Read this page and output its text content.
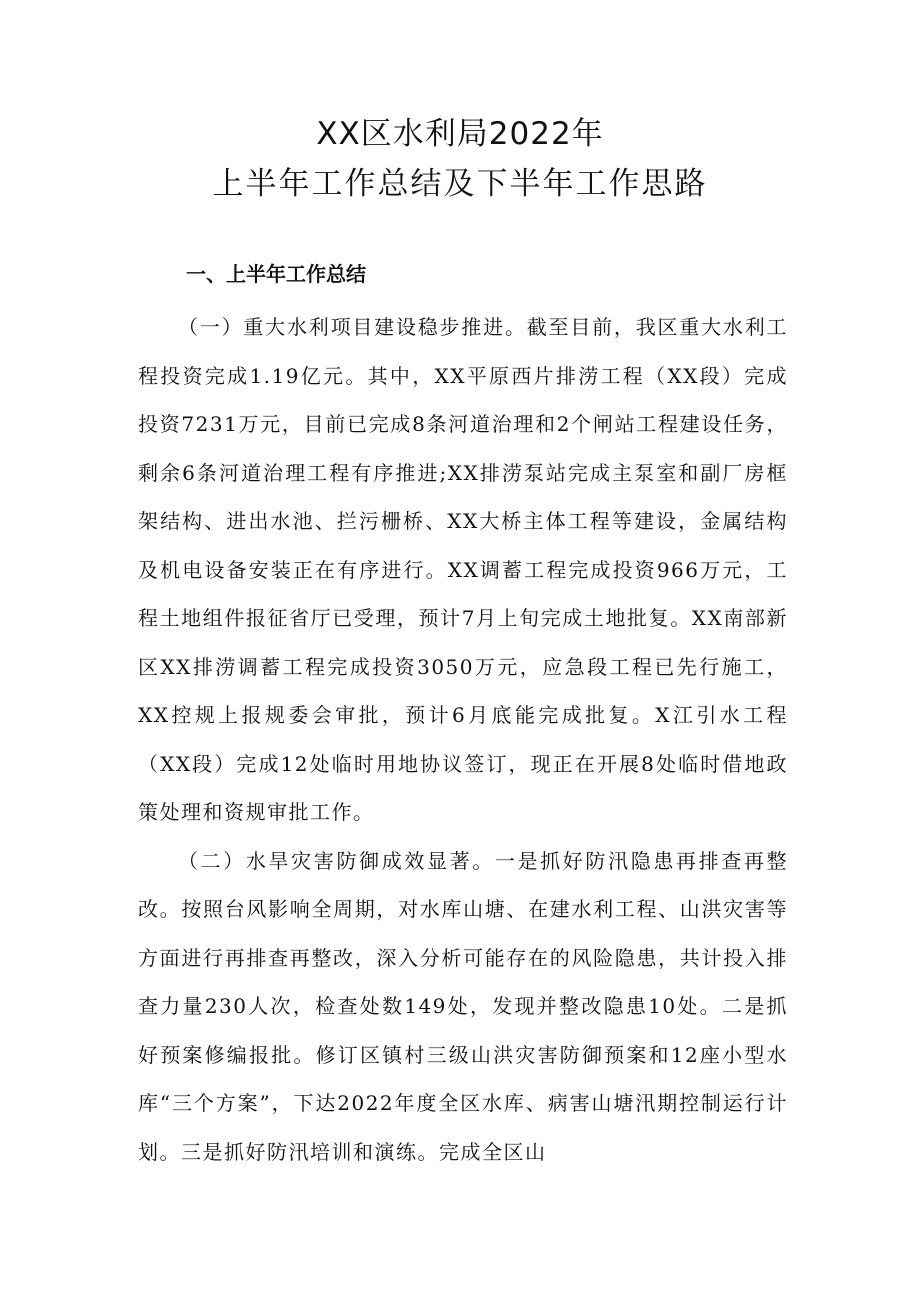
XX区水利局2022年
上半年工作总结及下半年工作思路
一、上半年工作总结

（一）重大水利项目建设稳步推进。截至目前，我区重大水利工程投资完成1.19亿元。其中，XX平原西片排涝工程（XX段）完成投资7231万元，目前已完成8条河道治理和2个闸站工程建设任务，剩余6条河道治理工程有序推进;XX排涝泵站完成主泵室和副厂房框架结构、进出水池、拦污栅桥、XX大桥主体工程等建设，金属结构及机电设备安装正在有序进行。XX调蓄工程完成投资966万元，工程土地组件报征省厅已受理，预计7月上旬完成土地批复。XX南部新区XX排涝调蓄工程完成投资3050万元，应急段工程已先行施工，XX控规上报规委会审批，预计6月底能完成批复。X江引水工程（XX段）完成12处临时用地协议签订，现正在开展8处临时借地政策处理和资规审批工作。

（二）水旱灾害防御成效显著。一是抓好防汛隐患再排查再整改。按照台风影响全周期，对水库山塘、在建水利工程、山洪灾害等方面进行再排查再整改，深入分析可能存在的风险隐患，共计投入排查力量230人次，检查处数149处，发现并整改隐患10处。二是抓好预案修编报批。修订区镇村三级山洪灾害防御预案和12座小型水库“三个方案”，下达2022年度全区水库、病害山塘汛期控制运行计划。三是抓好防汛培训和演练。完成全区山
